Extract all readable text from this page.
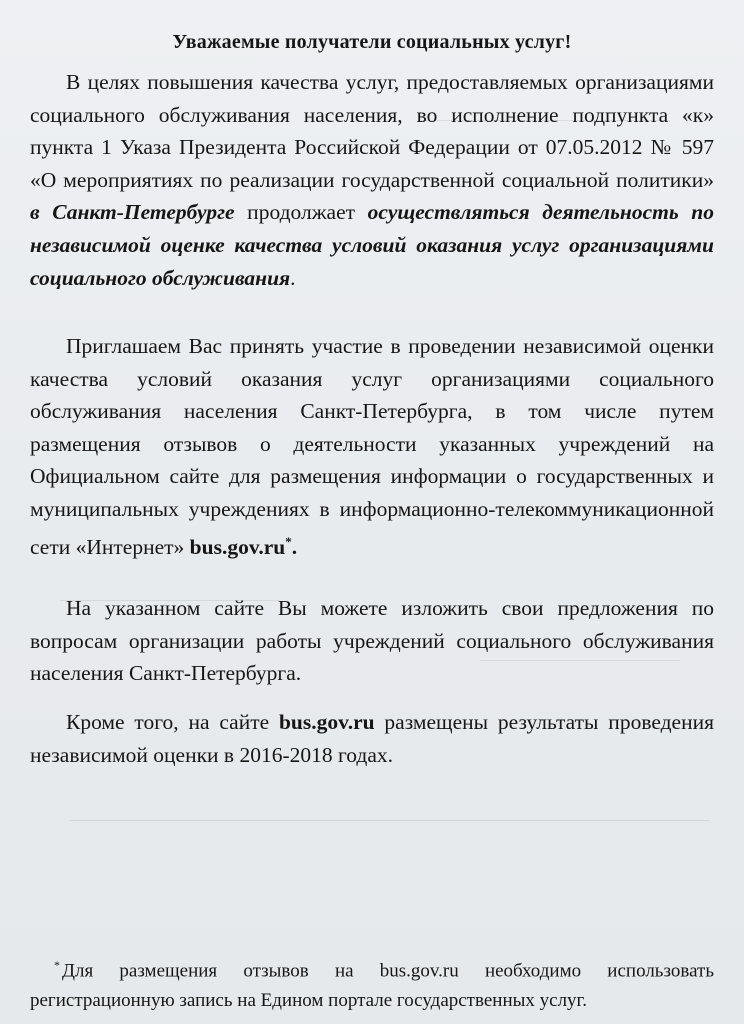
Уважаемые получатели социальных услуг!

В целях повышения качества услуг, предоставляемых организациями социального обслуживания населения, во исполнение подпункта «к» пункта 1 Указа Президента Российской Федерации от 07.05.2012 № 597 «О мероприятиях по реализации государственной социальной политики» в Санкт-Петербурге продолжает осуществляться деятельность по независимой оценке качества условий оказания услуг организациями социального обслуживания.

Приглашаем Вас принять участие в проведении независимой оценки качества условий оказания услуг организациями социального обслуживания населения Санкт-Петербурга, в том числе путем размещения отзывов о деятельности указанных учреждений на Официальном сайте для размещения информации о государственных и муниципальных учреждениях в информационно-телекоммуникационной сети «Интернет» bus.gov.ru*.

На указанном сайте Вы можете изложить свои предложения по вопросам организации работы учреждений социального обслуживания населения Санкт-Петербурга.

Кроме того, на сайте bus.gov.ru размещены результаты проведения независимой оценки в 2016-2018 годах.

* Для размещения отзывов на bus.gov.ru необходимо использовать регистрационную запись на Едином портале государственных услуг.
